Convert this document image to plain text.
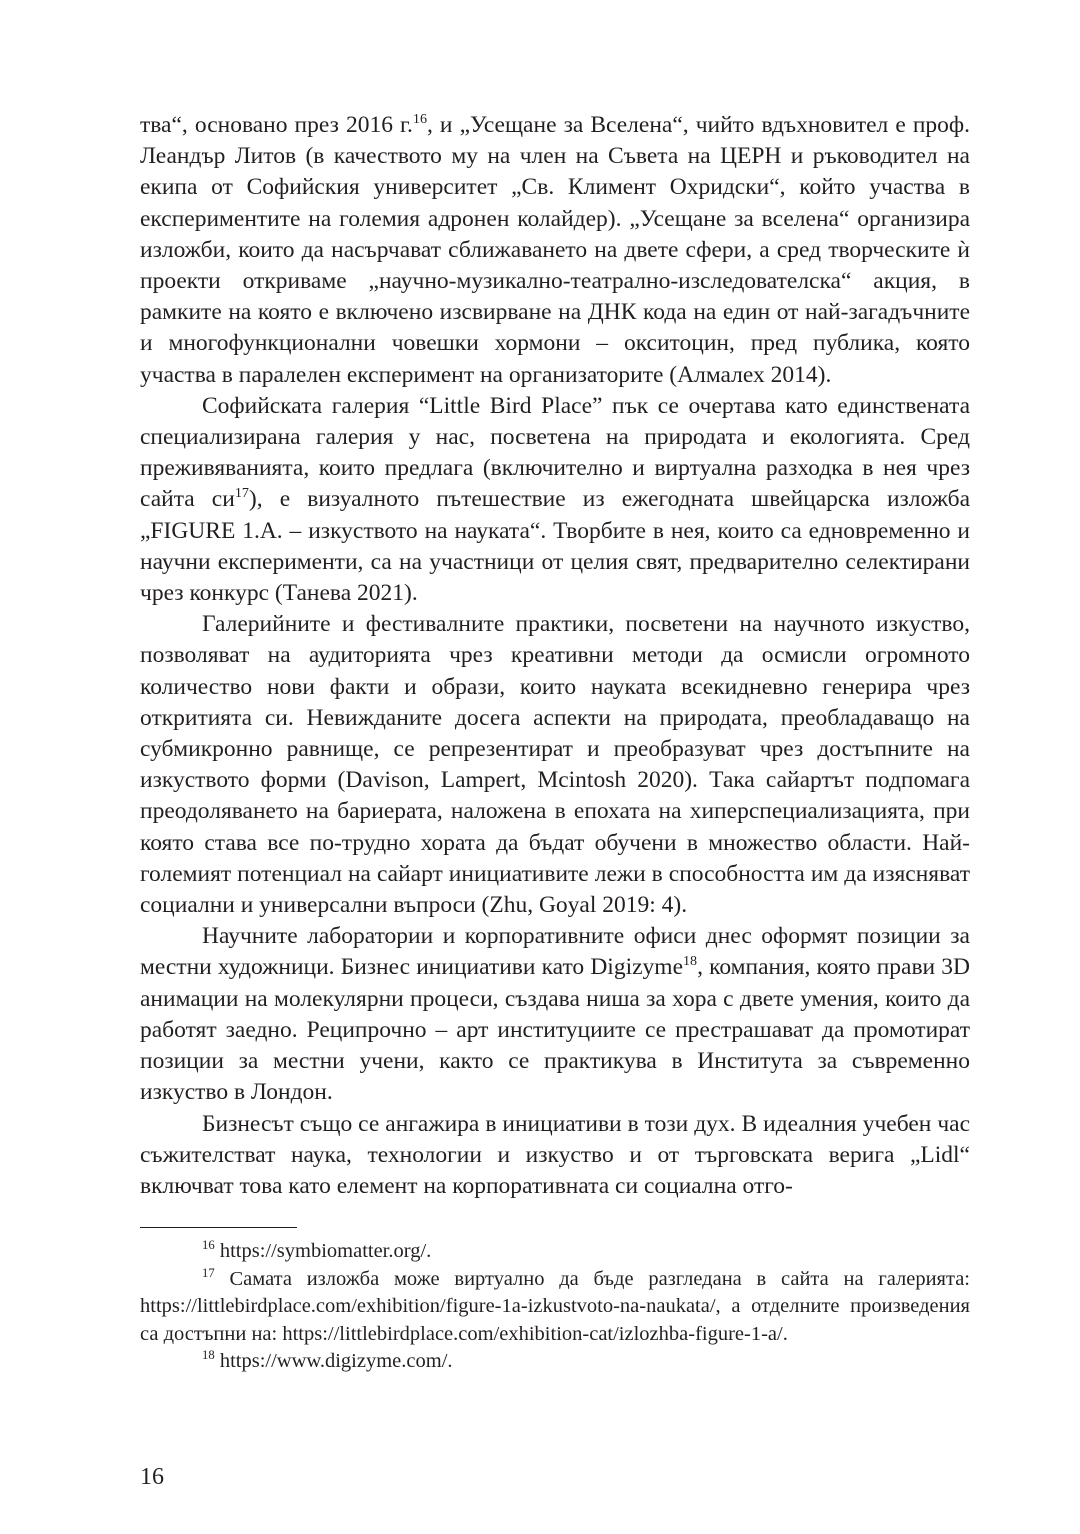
тва“, основано през 2016 г.$^{16}$, и „Усещане за Вселена“, чийто вдъхновител е проф. Леандър Литов (в качеството му на член на Съвета на ЦЕРН и ръководител на екипа от Софийския университет „Св. Климент Охридски“, който участва в експериментите на големия адронен колайдер). „Усещане за вселена“ организира изложби, които да насърчават сближаването на двете сфери, а сред творческите ѝ проекти откриваме „научно-музикално-театрално-изследователска“ акция, в рамките на която е включено изсвирване на ДНК кода на един от най-загадъчните и многофункционални човешки хормони – окситоцин, пред публика, която участва в паралелен експеримент на организаторите (Алмалех 2014).

Софийската галерия “Little Bird Place” пък се очертава като единствената специализирана галерия у нас, посветена на природата и екологията. Сред преживяванията, които предлага (включително и виртуална разходка в нея чрез сайта $си^{17}$), е визуалното пътешествие из ежегодната швейцарска изложба „FIGURE 1.A. – изкуството на науката“. Творбите в нея, които са едновременно и научни експерименти, са на участници от целия свят, предварително селектирани чрез конкурс (Танева 2021).

Галерийните и фестивалните практики, посветени на научното изкуство, позволяват на аудиторията чрез креативни методи да осмисли огромното количество нови факти и образи, които науката всекидневно генерира чрез откритията си. Невижданите досега аспекти на природата, преобладаващо на субмикронно равнище, се репрезентират и преобразуват чрез достъпните на изкуството форми (Davison, Lampert, Mcintosh 2020). Така сайартът подпомага преодоляването на бариерата, наложена в епохата на хиперспециализацията, при която става все по-трудно хората да бъдат обучени в множество области. Най-големият потенциал на сайарт инициативите лежи в способността им да изясняват социални и универсални въпроси (Zhu, Goyal 2019: 4).

Научните лаборатории и корпоративните офиси днес оформят позиции за местни художници. Бизнес инициативи като Digizyme$^{18}$, компания, която прави 3D анимации на молекулярни процеси, създава ниша за хора с двете умения, които да работят заедно. Реципрочно – арт институциите се престрашават да промотират позиции за местни учени, както се практикува в Института за съвременно изкуство в Лондон.

Бизнесът също се ангажира в инициативи в този дух. В идеалния учебен час съжителстват наука, технологии и изкуство и от търговската верига „Lidl“ включват това като елемент на корпоративната си социална отго-

$^{16}$ https://symbiomatter.org/.

$^{17}$ Самата изложба може виртуално да бъде разгледана в сайта на галерията: https://littlebirdplace.com/exhibition/figure-1a-izkustvoto-na-naukata/, а отделните произведения са достъпни на: https://littlebirdplace.com/exhibition-cat/izlozhba-figure-1-a/.

$^{18}$ https://www.digizyme.com/.

16
